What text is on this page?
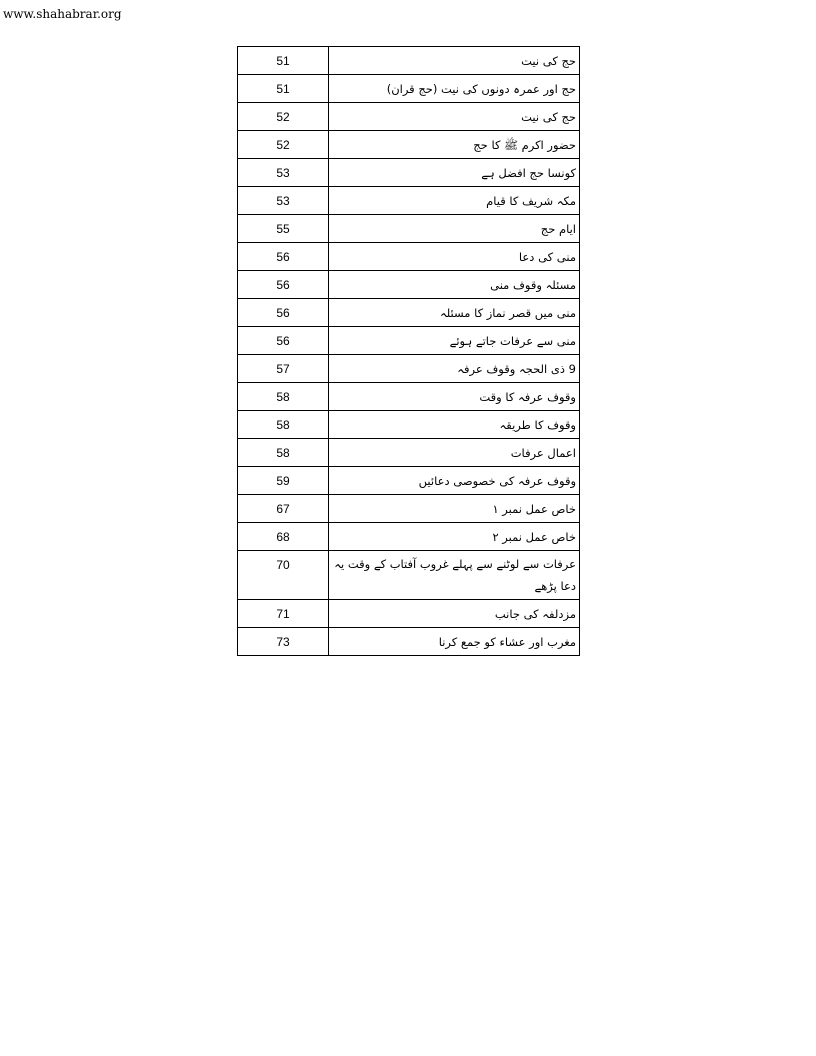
www.shahabrar.org
51	حج کی نیت
51	حج اور عمرہ دونوں کی نیت (حج قران)
52	حج کی نیت
52	حضور اکرم ﷺ کا حج
53	کونسا حج افضل ہے
53	مکہ شریف کا قیام
55	ایام حج
56	منی کی دعا
56	مسئلہ وقوف منی
56	منی میں قصر نماز کا مسئلہ
56	منی سے عرفات جاتے ہوئے
57	9 ذی الحجہ وقوف عرفہ
58	وقوف عرفہ کا وقت
58	وقوف کا طریقہ
58	اعمال عرفات
59	وقوف عرفہ کی خصوصی دعائیں
67	خاص عمل نمبر ۱
68	خاص عمل نمبر ۲
70	عرفات سے لوٹنے سے پہلے غروب آفتاب کے وقت یہ دعا پڑھے
71	مزدلفہ کی جانب
73	مغرب اور عشاء کو جمع کرنا
